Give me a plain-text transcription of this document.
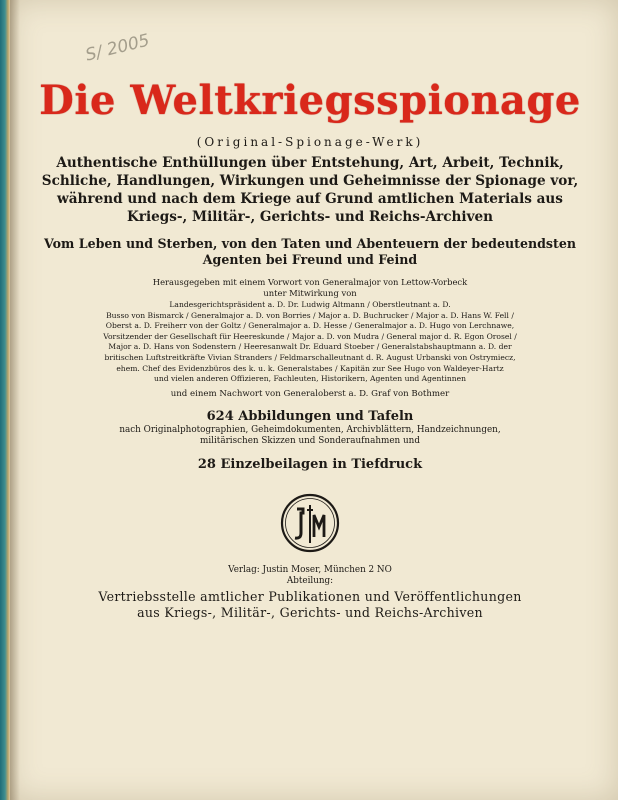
S/ 2005
Die Weltkriegsspionage
(Original-Spionage-Werk)
Authentische Enthüllungen über Entstehung, Art, Arbeit, Technik, Schliche, Handlungen, Wirkungen und Geheimnisse der Spionage vor, während und nach dem Kriege auf Grund amtlichen Materials aus Kriegs-, Militär-, Gerichts- und Reichs-Archiven
Vom Leben und Sterben, von den Taten und Abenteuern der bedeutendsten Agenten bei Freund und Feind
Herausgegeben mit einem Vorwort von Generalmajor von Lettow-Vorbeck
unter Mitwirkung von
Landesgerichtspräsident a. D. Dr. Ludwig Altmann / Oberstleutnant a. D.
Busso von Bismarck / Generalmajor a. D. von Borries / Major a. D. Buchrucker / Major a. D. Hans W. Fell /
Oberst a. D. Freiherr von der Goltz / Generalmajor a. D. Hesse / Generalmajor a. D. Hugo von Lerchnawe,
Vorsitzender der Gesellschaft für Heereskunde / Major a. D. von Mudra / General major d. R. Egon Orosel /
Major a. D. Hans von Sodenstern / Heeresanwalt Dr. Eduard Stoeber / Generalstabshauptmann a. D. der
britischen Luftstreitkräfte Vivian Stranders / Feldmarschalleutnant d. R. August Urbanski von Ostrymiecz,
ehem. Chef des Evidenzbüros des k. u. k. Generalstabes / Kapitän zur See Hugo von Waldeyer-Hartz
und vielen anderen Offizieren, Fachleuten, Historikern, Agenten und Agentinnen
und einem Nachwort von Generaloberst a. D. Graf von Bothmer
624 Abbildungen und Tafeln
nach Originalphotographien, Geheimdokumenten, Archivblättern, Handzeichnungen,
militärischen Skizzen und Sonderaufnahmen und
28 Einzelbeilagen in Tiefdruck
Verlag: Justin Moser, München 2 NO
Abteilung:
Vertriebsstelle amtlicher Publikationen und Veröffentlichungen
aus Kriegs-, Militär-, Gerichts- und Reichs-Archiven
